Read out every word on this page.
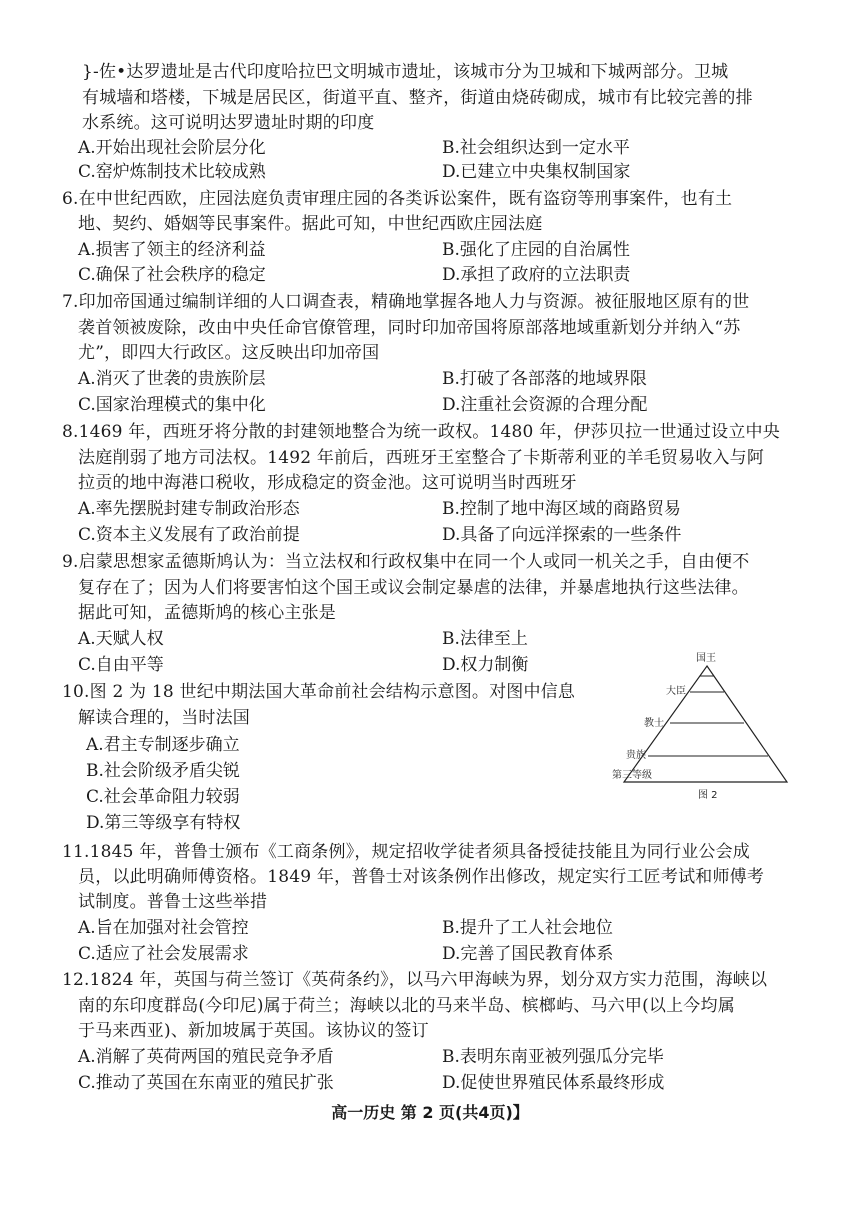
}-佐•达罗遗址是古代印度哈拉巴文明城市遗址，该城市分为卫城和下城两部分。卫城
有城墙和塔楼，下城是居民区，街道平直、整齐，街道由烧砖砌成，城市有比较完善的排
水系统。这可说明达罗遗址时期的印度
A.开始出现社会阶层分化	B.社会组织达到一定水平
C.窑炉炼制技术比较成熟	D.已建立中央集权制国家
6.在中世纪西欧，庄园法庭负责审理庄园的各类诉讼案件，既有盗窃等刑事案件，也有土
地、契约、婚姻等民事案件。据此可知，中世纪西欧庄园法庭
A.损害了领主的经济利益	B.强化了庄园的自治属性
C.确保了社会秩序的稳定	D.承担了政府的立法职责
7.印加帝国通过编制详细的人口调查表，精确地掌握各地人力与资源。被征服地区原有的世
袭首领被废除，改由中央任命官僚管理，同时印加帝国将原部落地域重新划分并纳入“苏
尤”，即四大行政区。这反映出印加帝国
A.消灭了世袭的贵族阶层	B.打破了各部落的地域界限
C.国家治理模式的集中化	D.注重社会资源的合理分配
8.1469 年，西班牙将分散的封建领地整合为统一政权。1480 年，伊莎贝拉一世通过设立中央
法庭削弱了地方司法权。1492 年前后，西班牙王室整合了卡斯蒂利亚的羊毛贸易收入与阿
拉贡的地中海港口税收，形成稳定的资金池。这可说明当时西班牙
A.率先摆脱封建专制政治形态	B.控制了地中海区域的商路贸易
C.资本主义发展有了政治前提	D.具备了向远洋探索的一些条件
9.启蒙思想家孟德斯鸠认为：当立法权和行政权集中在同一个人或同一机关之手，自由便不
复存在了；因为人们将要害怕这个国王或议会制定暴虐的法律，并暴虐地执行这些法律。
据此可知，孟德斯鸠的核心主张是
A.天赋人权	B.法律至上
C.自由平等	D.权力制衡
10.图 2 为 18 世纪中期法国大革命前社会结构示意图。对图中信息
解读合理的，当时法国
A.君主专制逐步确立
B.社会阶级矛盾尖锐
C.社会革命阻力较弱
D.第三等级享有特权
国王
大臣
教士
贵族
第三等级
图 2
11.1845 年，普鲁士颁布《工商条例》，规定招收学徒者须具备授徒技能且为同行业公会成
员，以此明确师傅资格。1849 年，普鲁士对该条例作出修改，规定实行工匠考试和师傅考
试制度。普鲁士这些举措
A.旨在加强对社会管控	B.提升了工人社会地位
C.适应了社会发展需求	D.完善了国民教育体系
12.1824 年，英国与荷兰签订《英荷条约》，以马六甲海峡为界，划分双方实力范围，海峡以
南的东印度群岛(今印尼)属于荷兰；海峡以北的马来半岛、槟榔屿、马六甲(以上今均属
于马来西亚)、新加坡属于英国。该协议的签订
A.消解了英荷两国的殖民竞争矛盾	B.表明东南亚被列强瓜分完毕
C.推动了英国在东南亚的殖民扩张	D.促使世界殖民体系最终形成
高一历史 第 2 页(共4页)】
